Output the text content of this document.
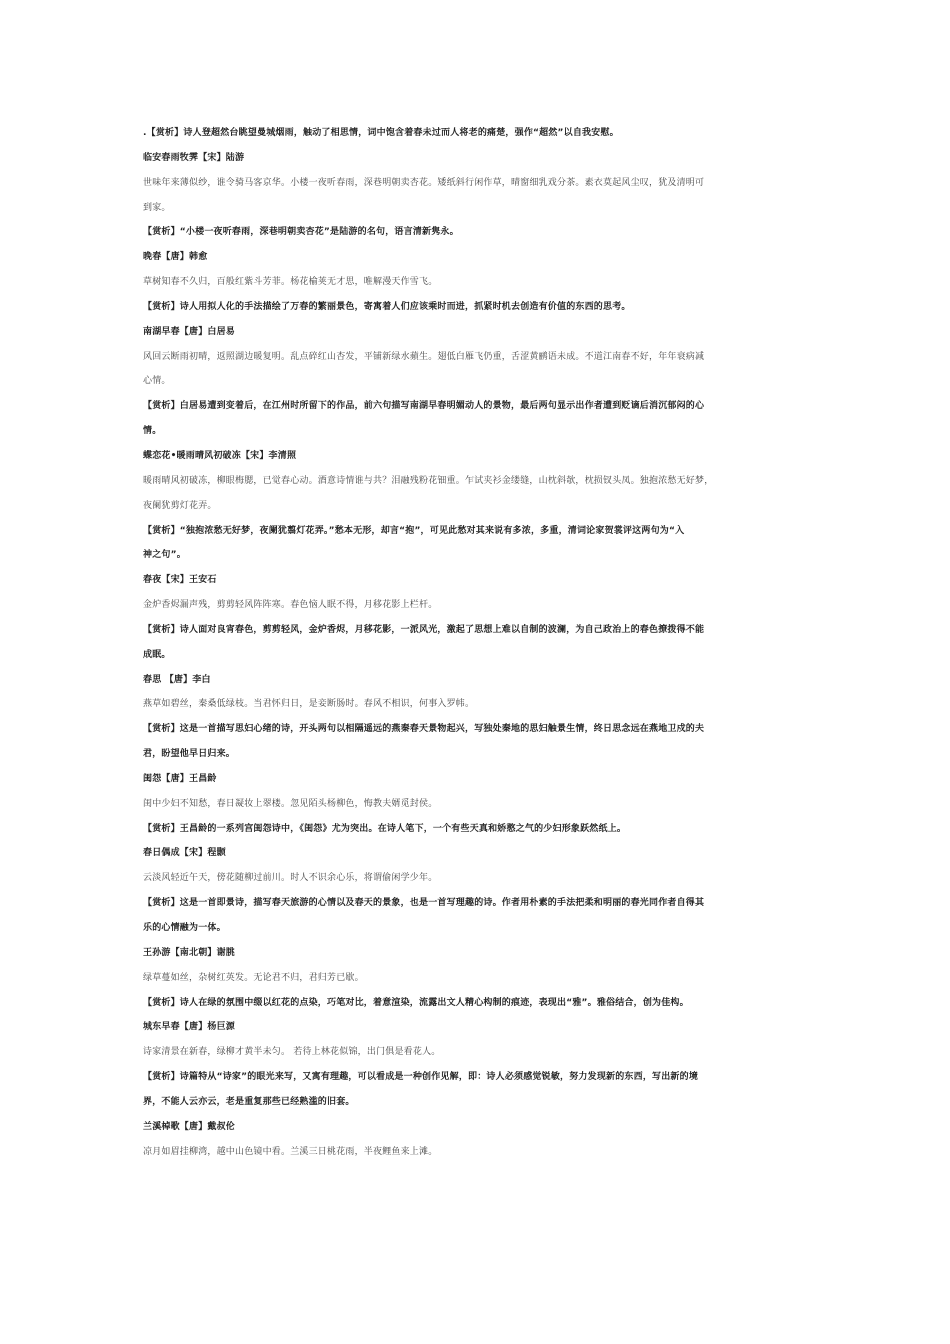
.【赏析】诗人登超然台眺望曼城烟雨，触动了相思情，词中饱含着春未过而人将老的痛楚，强作“超然”以自我安慰。
临安春雨牧霁【宋】陆游
世味年来薄似纱，谁令骑马客京华。小楼一夜听春雨，深巷明朝卖杏花。矮纸斜行闲作草，晴窗细乳戏分茶。素衣莫起风尘叹，犹及清明可
到家。
【赏析】“小楼一夜听春雨，深巷明朝卖杏花”是陆游的名句，语言清新隽永。
晚春【唐】韩愈
草树知春不久归，百般红紫斗芳菲。杨花榆荚无才思，唯解漫天作雪飞。
【赏析】诗人用拟人化的手法描绘了万春的繁丽景色，寄寓着人们应该乘时而进，抓紧时机去创造有价值的东西的思考。
南湖早春【唐】白居易
风回云断雨初晴，返照湖边暖复明。乱点碎红山杏发，平铺新绿水蘋生。翅低白雁飞仍重，舌涩黄鹂语未成。不道江南春不好，年年衰病减
心情。
【赏析】白居易遭到变着后，在江州时所留下的作品，前六句描写南湖早春明媚动人的景物，最后两句显示出作者遭到贬谪后消沉郁闷的心
情。
蝶恋花•暖雨晴风初破冻【宋】李清照
暖雨晴风初破冻，柳眼梅腮，已觉春心动。酒意诗情谁与共？泪融残粉花钿重。乍试夹衫金缕缝，山枕斜欹，枕损钗头凤。独抱浓愁无好梦，
夜阑犹剪灯花弄。
【赏析】“独抱浓愁无好梦，夜阑犹翦灯花弄。”愁本无形，却言“抱”，可见此愁对其来说有多浓，多重，清词论家贺裳评这两句为“入
神之句”。
春夜【宋】王安石
金炉香烬漏声残，剪剪轻风阵阵寒。春色恼人眠不得，月移花影上栏杆。
【赏析】诗人面对良宵春色，剪剪轻风，金炉香烬，月移花影，一派风光，激起了思想上难以自制的波澜，为自己政治上的春色撩拨得不能
成眠。
春思 【唐】李白
燕草如碧丝，秦桑低绿枝。当君怀归日，是妾断肠时。春风不相识，何事入罗帏。
【赏析】这是一首描写思妇心绪的诗，开头两句以相隔遥远的燕秦春天景物起兴，写独处秦地的思妇触景生情，终日思念远在燕地卫戍的夫
君，盼望他早日归来。
闺怨【唐】王昌龄
闺中少妇不知愁，春日凝妆上翠楼。忽见陌头杨柳色，悔教夫婿觅封侯。
【赏析】王昌龄的一系列宫闺怨诗中，《闺怨》尤为突出。在诗人笔下，一个有些天真和娇憨之气的少妇形象跃然纸上。
春日偶成【宋】程颢
云淡风轻近午天，傍花随柳过前川。时人不识余心乐，将谓偷闲学少年。
【赏析】这是一首即景诗，描写春天旅游的心情以及春天的景象，也是一首写理趣的诗。作者用朴素的手法把柔和明丽的春光同作者自得其
乐的心情融为一体。
王孙游【南北朝】谢朓
绿草蔓如丝，杂树红英发。无论君不归，君归芳已歇。
【赏析】诗人在绿的氛围中缀以红花的点染，巧笔对比，着意渲染，流露出文人精心构制的痕迹，表现出“雅”。雅俗结合，创为佳构。
城东早春【唐】杨巨源
诗家清景在新春，绿柳才黄半未匀。 若待上林花似锦，出门俱是看花人。
【赏析】诗篇特从“诗家”的眼光来写，又寓有理趣，可以看成是一种创作见解，即：诗人必须感觉锐敏，努力发现新的东西，写出新的境
界，不能人云亦云，老是重复那些已经熟滥的旧套。
兰溪棹歌【唐】戴叔伦
凉月如眉挂柳湾，越中山色镜中看。兰溪三日桃花雨，半夜鲤鱼来上滩。
